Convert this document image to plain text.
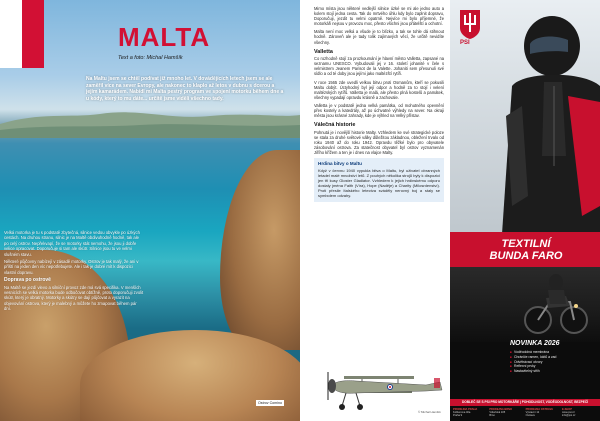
MALTA
Text a foto: Michal Hamšík
Na Maltu jsem se chtěl podívat již mnoho let. V dovádějících letech jsem se ale zaměřil více na sever Evropy, ale nakonec to klaplo až letos v dubnu s dcerou a jejím kamarádem. Nabídl mi Malta pestrý program ve spojení motorku během dne a u kódy, který to mu dáte... určitě jsme viděli všechno tady.

Velká motorka je tu s podstatě zbytečná, silnice vedou obvykle po úzkých cestách. Na druhou stranu, silnic je na Maltě obdivuhodně hodně, tak ale po celý ostrov. Nepřekvapí, že se motorky stát nemohu, že jsou ji dobře velice opracovat. Doporučuje si tam ale skútr. Silnice jsou tu ve velmi slušném stavu.

Některé půjčovny nabízejí v zásadě motorky. Ostrov je tak malý, že ani v příští na jeden den víc nepotřebujete. Ale i tak je dobré mít k dispozici vlastní dopravu.

Doprava po ostrově

Na Maltě se jezdí vlevo a silniční provoz zde má svá specifika. V menších vesnicích se velká motorka bude odbočovat obtížně, proto doporučuji zvolit skútr, který je obratný. Motorky a skútry se dají půjčovat a vyrazit na objevování ostrova, který je malebný a můžete ho zmapovat během pár dní.

Ostrov Comino

Mimo místa jsou některé vedlejší silnice úzké se mi ale jedno auto a kolem stojí jedna cesta. Tak do mrtvého úhlu kdy bylo zaplnit dopravu, Doporučuji, jezdit tu velmi opatrně. Nejvíce mi bylo příjemné, že motorkáři nejsou v provozu moc, přesto všichni jsou přátelští a ochotní.

Malta není moc velká a všude je to blízko, a tak se tohle dá stihnout hodně. Zároveň ale je tady tolik zajímavých věcí, že určitě nevidíte všechny.

Valletta

Co rozhodně stojí za prozkoumání je hlavní město Valletta, zapsané na seznamu UNESCO. Vybudovali jej v 16. století johanité v čele s velmistrem Jeanem Parisot de la Valette. Johaniti sem přesunuli své sídlo a od té doby jsou jejími jako maltézští rytíři.

V roce 1565 zde uvedli velkou bitvu proti Osmanům, kteří se pokusili Maltu dobýt. Úctyhodný byl její odpor a hodně za to stojí i velení maltézských rytířů. Valletta je malá, ale přesto plná kostelů a památek, všechny vypadají opravdu krásně a zachovale.

Valletta je v podstatě jedna velká památka, od mohutného opevnění přes kostely a katedrály, až po úchvatné výhledy na sever. Na okraji města jsou krásné zahrady, kde je výhled na Velký přístav.

Válečná historie

Pohnutá je i novější historie Malty. Vzhledem ke své strategické poloze se stala za druhé světové války důležitou základnou, obležení trvalo od roku 1940 až do roku 1942. Opravdu těžké bylo pro obyvatele zásobování ostrova. Za statečnost obyvatel byl ostrov vyznamenán Jiřího křížem a ten je i dnes na vlajce Malty.

Hrdina bitvy o Maltu

Když v červnu 1940 vypukla bitva o Maltu, byl uživatel obranných letadel malé množství letů. Z pouhých několika strojů byly k dispozici jen tři kusy Gloster Gladiator. Vzhledem k jejich hrdinskému odporu dostaly jména Faith (Víra), Hope (Naděje) a Charity (Milosrdenství). Proti přesile Italského letectva sváděly nerovný boj a staly se symbolem odvahy.

© Michal Hamšík
PSI
TEXTILNÍ
BUNDA FARO
NOVINKA 2026
■ Voděodolná membrána
■ Chrániče ramen, loktů a zad
■ Odvětrávací otvory
■ Reflexní prvky
■ Nastavitelný střih
DOBLEČ SE S PSI PRO MOTORKÁŘE | POHODLNOST, VODĚODOLNOST, BEZPEČÍ
PRODEJNA PRAHA
Kolbenova 40a
Praha 9
PRODEJNA BRNO
Vídeňská 105
Brno
PRODEJNA OSTRAVA
Výstavní 12
Ostrava
E-SHOP
www.psi.cz
info@psi.cz
